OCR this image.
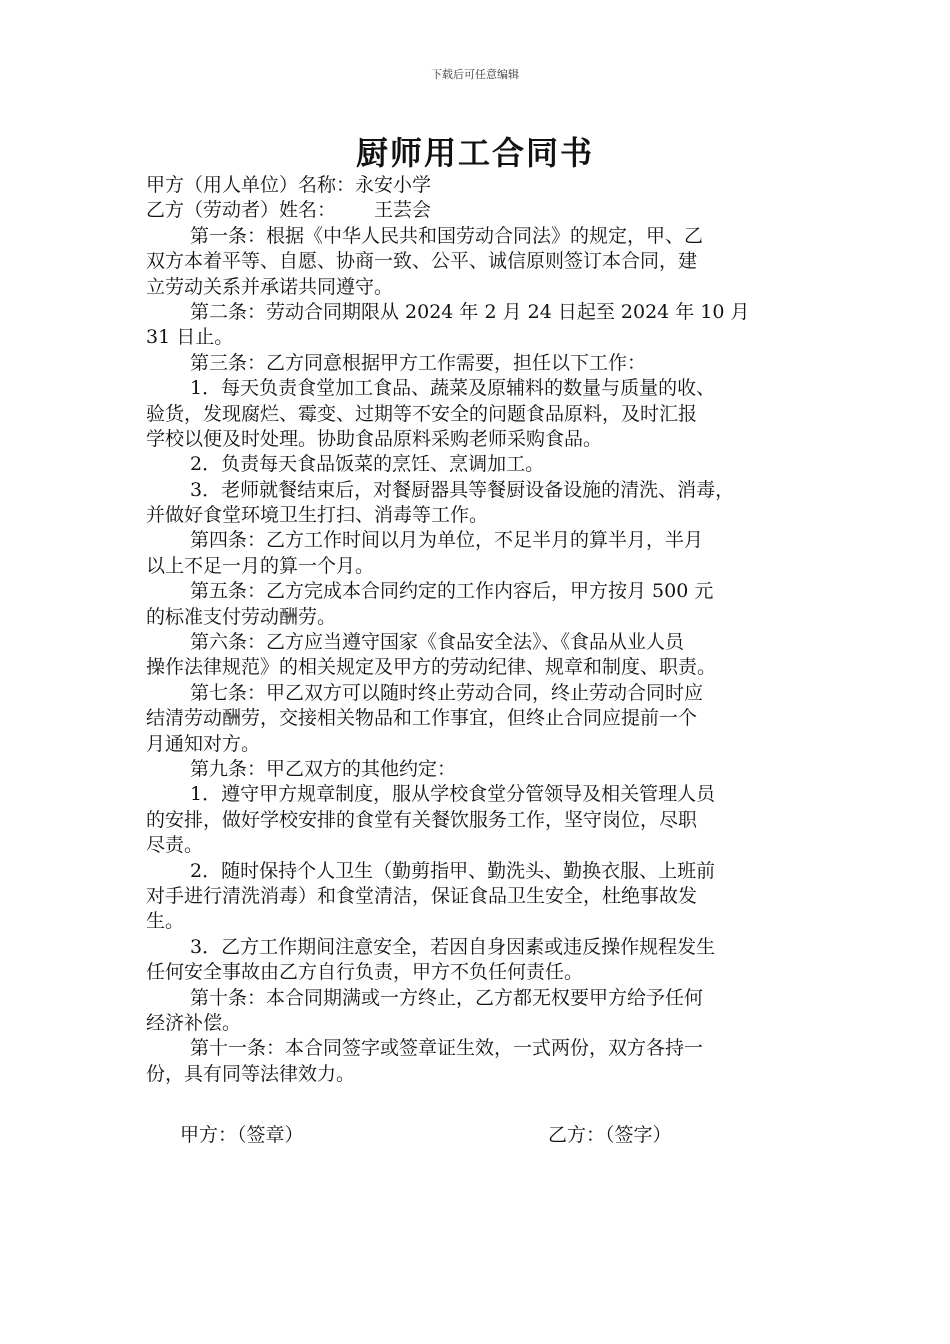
下载后可任意编辑
厨师用工合同书
甲方（用人单位）名称：永安小学
乙方（劳动者）姓名： 王芸会
第一条：根据《中华人民共和国劳动合同法》的规定，甲、乙
双方本着平等、自愿、协商一致、公平、诚信原则签订本合同，建
立劳动关系并承诺共同遵守。
第二条：劳动合同期限从 2024 年 2 月 24 日起至 2024 年 10 月
31 日止。
第三条：乙方同意根据甲方工作需要，担任以下工作：
1．每天负责食堂加工食品、蔬菜及原辅料的数量与质量的收、
验货，发现腐烂、霉变、过期等不安全的问题食品原料，及时汇报
学校以便及时处理。协助食品原料采购老师采购食品。
2．负责每天食品饭菜的烹饪、烹调加工。
3．老师就餐结束后，对餐厨器具等餐厨设备设施的清洗、消毒，
并做好食堂环境卫生打扫、消毒等工作。
第四条：乙方工作时间以月为单位，不足半月的算半月，半月
以上不足一月的算一个月。
第五条：乙方完成本合同约定的工作内容后，甲方按月 500 元
的标准支付劳动酬劳。
第六条：乙方应当遵守国家《食品安全法》、《食品从业人员
操作法律规范》的相关规定及甲方的劳动纪律、规章和制度、职责。
第七条：甲乙双方可以随时终止劳动合同，终止劳动合同时应
结清劳动酬劳，交接相关物品和工作事宜，但终止合同应提前一个
月通知对方。
第九条：甲乙双方的其他约定：
1．遵守甲方规章制度，服从学校食堂分管领导及相关管理人员
的安排，做好学校安排的食堂有关餐饮服务工作，坚守岗位，尽职
尽责。
2．随时保持个人卫生（勤剪指甲、勤洗头、勤换衣服、上班前
对手进行清洗消毒）和食堂清洁，保证食品卫生安全，杜绝事故发
生。
3．乙方工作期间注意安全，若因自身因素或违反操作规程发生
任何安全事故由乙方自行负责，甲方不负任何责任。
第十条：本合同期满或一方终止，乙方都无权要甲方给予任何
经济补偿。
第十一条：本合同签字或签章证生效，一式两份，双方各持一
份，具有同等法律效力。
甲方：（签章）	乙方：（签字）
